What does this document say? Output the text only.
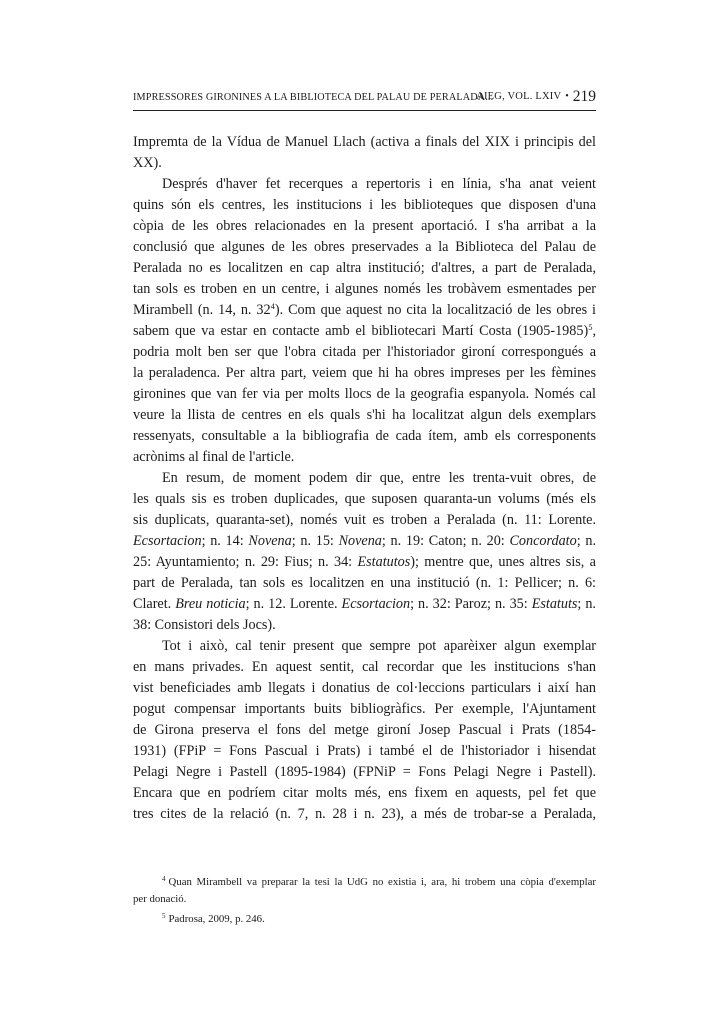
IMPRESSORES GIRONINES A LA BIBLIOTECA DEL PALAU DE PERALADA...
AIEG, VOL. LXIV • 219

Impremta de la Vídua de Manuel Llach (activa a finals del XIX i principis del
XX).

Després d'haver fet recerques a repertoris i en línia, s'ha anat veient
quins són els centres, les institucions i les biblioteques que disposen d'una
còpia de les obres relacionades en la present aportació. I s'ha arribat a la
conclusió que algunes de les obres preservades a la Biblioteca del Palau de
Peralada no es localitzen en cap altra institució; d'altres, a part de Peralada,
tan sols es troben en un centre, i algunes només les trobàvem esmentades per
Mirambell (n. 14, n. $32^4$). Com que aquest no cita la localització de les obres i
sabem que va estar en contacte amb el bibliotecari Martí Costa (1905-1985)$^5$,
podria molt ben ser que l'obra citada per l'historiador gironí correspongués a
la peraladenca. Per altra part, veiem que hi ha obres impreses per les fèmines
gironines que van fer via per molts llocs de la geografia espanyola. Només cal
veure la llista de centres en els quals s'hi ha localitzat algun dels exemplars
ressenyats, consultable a la bibliografia de cada ítem, amb els corresponents
acrònims al final de l'article.

En resum, de moment podem dir que, entre les trenta-vuit obres, de
les quals sis es troben duplicades, que suposen quaranta-un volums (més els
sis duplicats, quaranta-set), només vuit es troben a Peralada (n. 11: Lorente.
Ecsortacion; n. 14: Novena; n. 15: Novena; n. 19: Caton; n. 20: Concordato; n.
25: Ayuntamiento; n. 29: Fius; n. 34: Estatutos); mentre que, unes altres sis, a
part de Peralada, tan sols es localitzen en una institució (n. 1: Pellicer; n. 6:
Claret. Breu noticia; n. 12. Lorente. Ecsortacion; n. 32: Paroz; n. 35: Estatuts; n.
38: Consistori dels Jocs).

Tot i això, cal tenir present que sempre pot aparèixer algun exemplar
en mans privades. En aquest sentit, cal recordar que les institucions s'han
vist beneficiades amb llegats i donatius de col·leccions particulars i així han
pogut compensar importants buits bibliogràfics. Per exemple, l'Ajuntament
de Girona preserva el fons del metge gironí Josep Pascual i Prats (1854-
1931) (FPiP = Fons Pascual i Prats) i també el de l'historiador i hisendat
Pelagi Negre i Pastell (1895-1984) (FPNiP = Fons Pelagi Negre i Pastell).
Encara que en podríem citar molts més, ens fixem en aquests, pel fet que
tres cites de la relació (n. 7, n. 28 i n. 23), a més de trobar-se a Peralada,

$^4$ Quan Mirambell va preparar la tesi la UdG no existia i, ara, hi trobem una còpia d'exemplar
per donació.

$^5$ Padrosa, 2009, p. 246.
